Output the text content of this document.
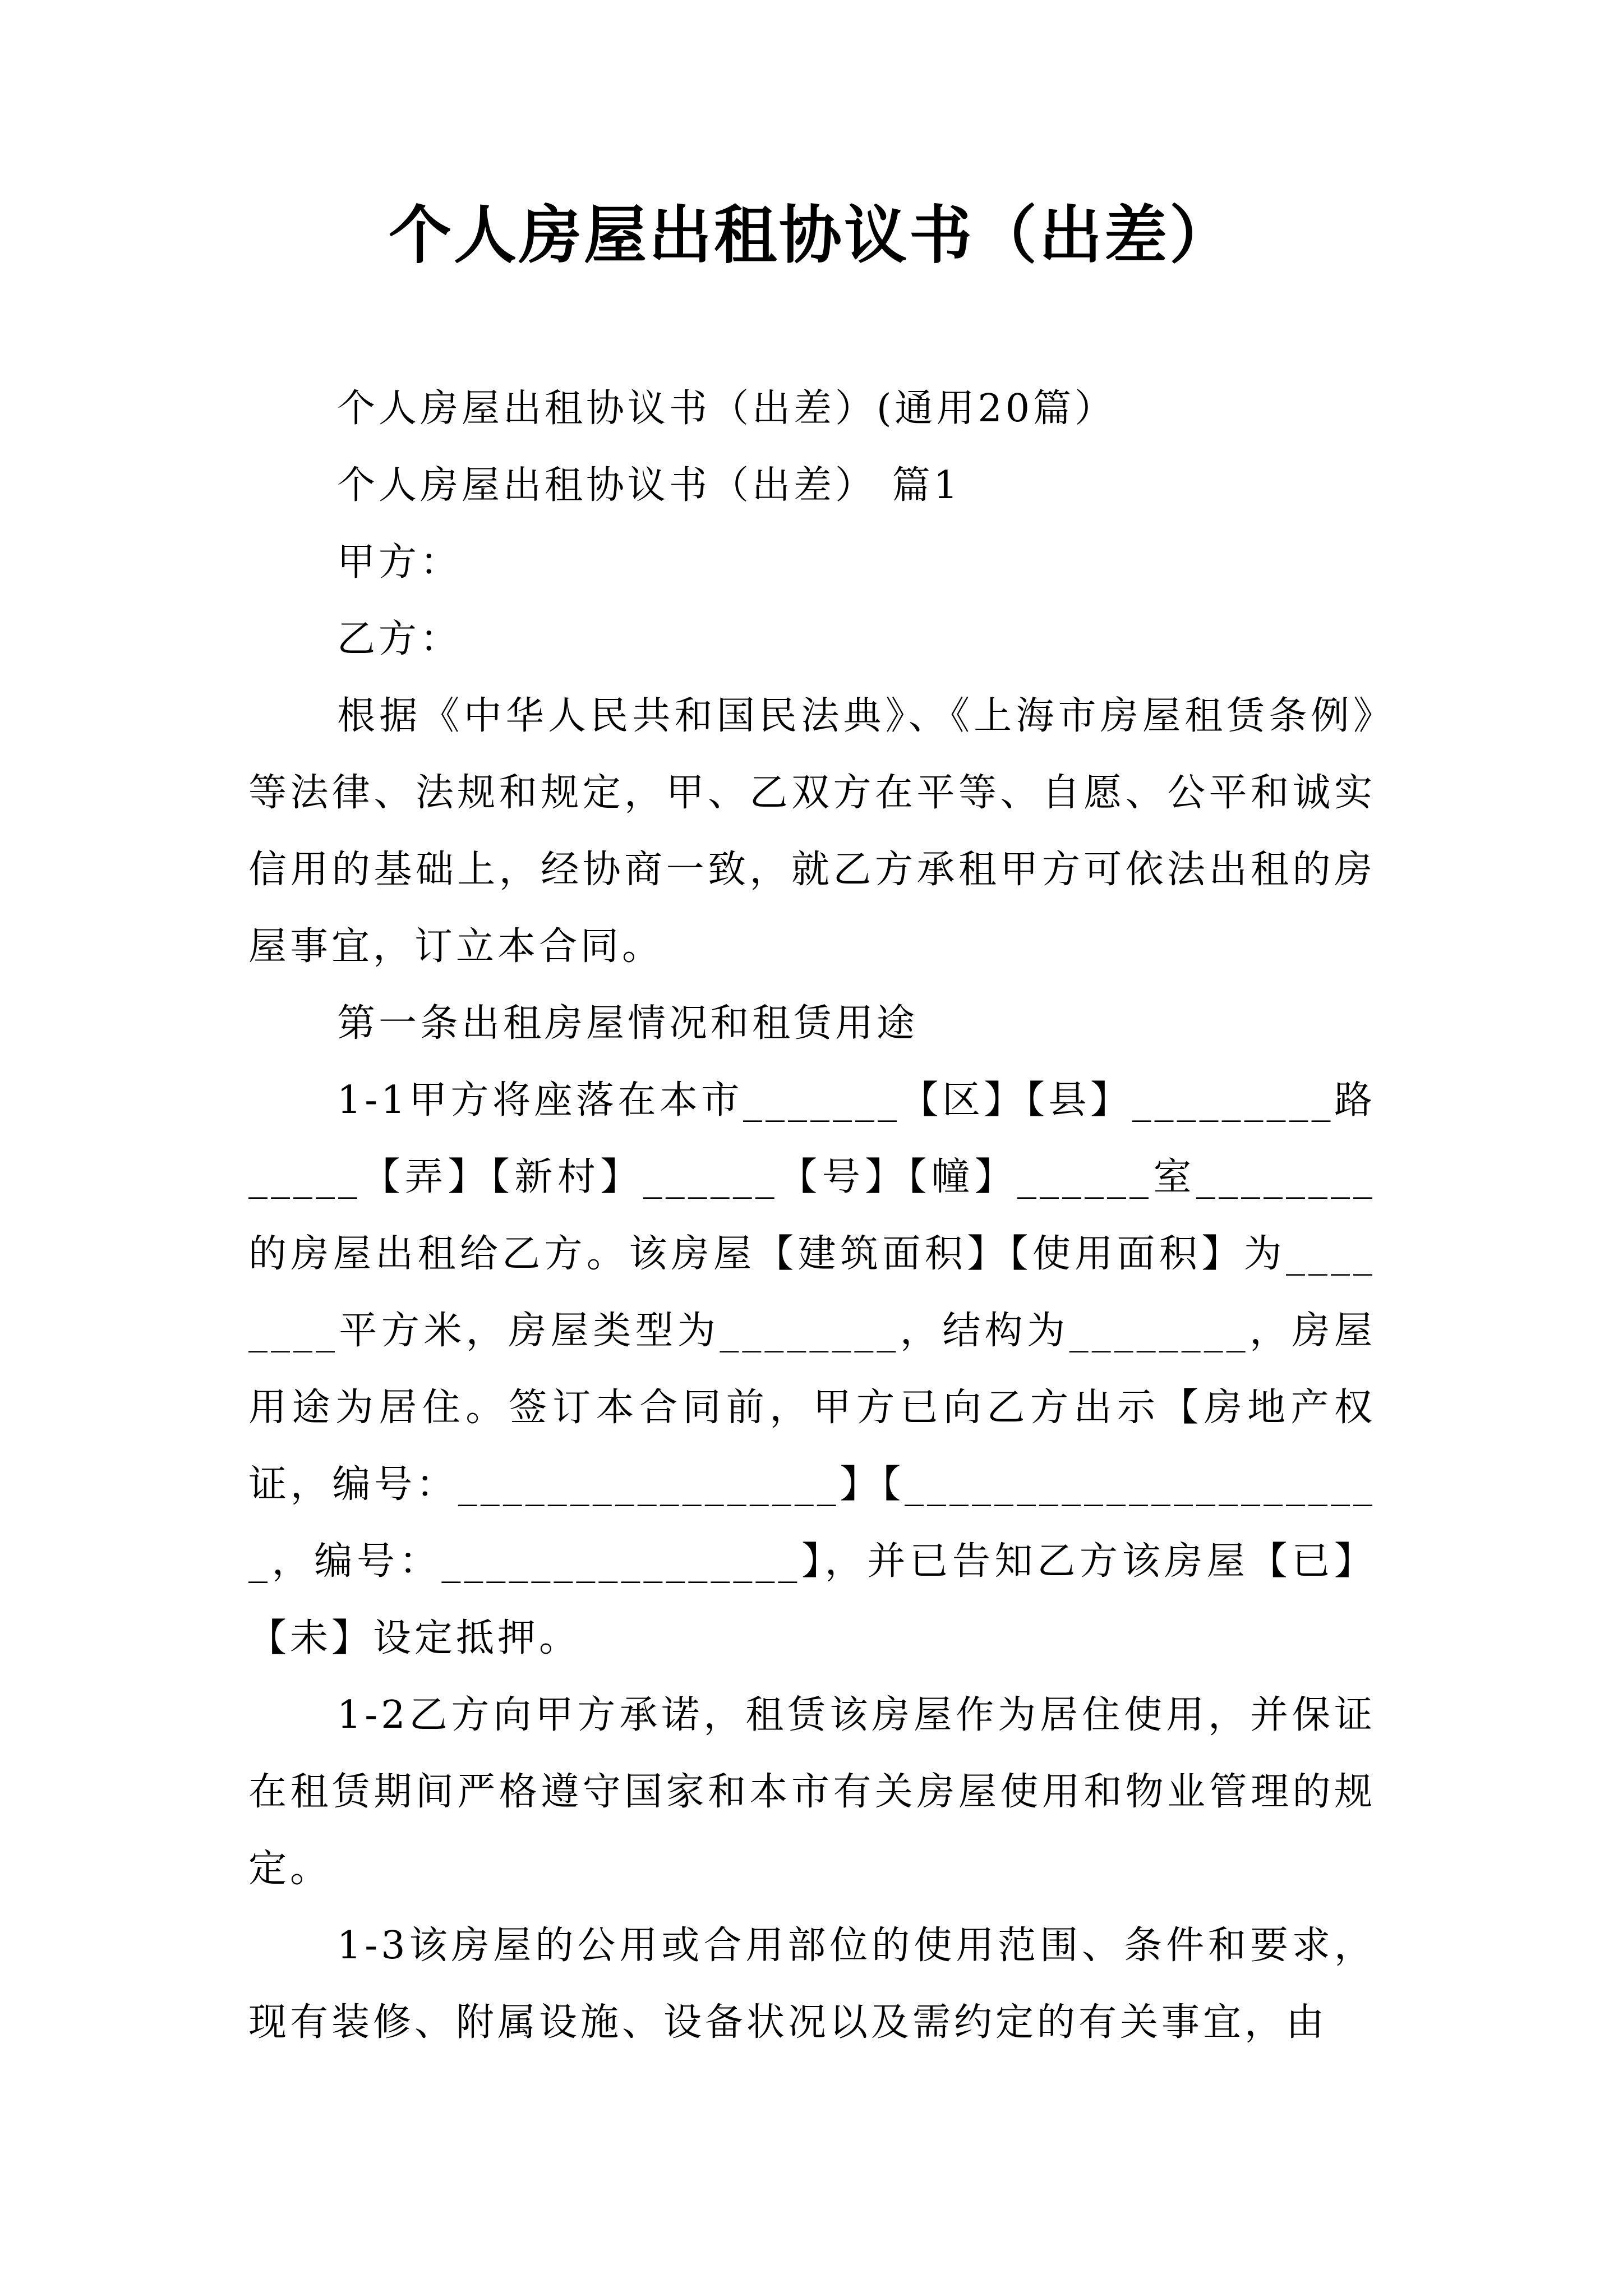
个人房屋出租协议书（出差）

个人房屋出租协议书（出差）(通用20篇）

个人房屋出租协议书（出差） 篇1

甲方：

乙方：

根据《中华人民共和国民法典》、《上海市房屋租赁条例》等法律、法规和规定，甲、乙双方在平等、自愿、公平和诚实信用的基础上，经协商一致，就乙方承租甲方可依法出租的房屋事宜，订立本合同。

第一条出租房屋情况和租赁用途

1-1甲方将座落在本市_______【区】【县】_________路_____【弄】【新村】______【号】【幢】______室________的房屋出租给乙方。该房屋【建筑面积】【使用面积】为________平方米，房屋类型为________，结构为________，房屋用途为居住。签订本合同前，甲方已向乙方出示【房地产权证，编号：_________________】【______________________，编号：________________】，并已告知乙方该房屋【已】【未】设定抵押。

1-2乙方向甲方承诺，租赁该房屋作为居住使用，并保证在租赁期间严格遵守国家和本市有关房屋使用和物业管理的规定。

1-3该房屋的公用或合用部位的使用范围、条件和要求，现有装修、附属设施、设备状况以及需约定的有关事宜，由
